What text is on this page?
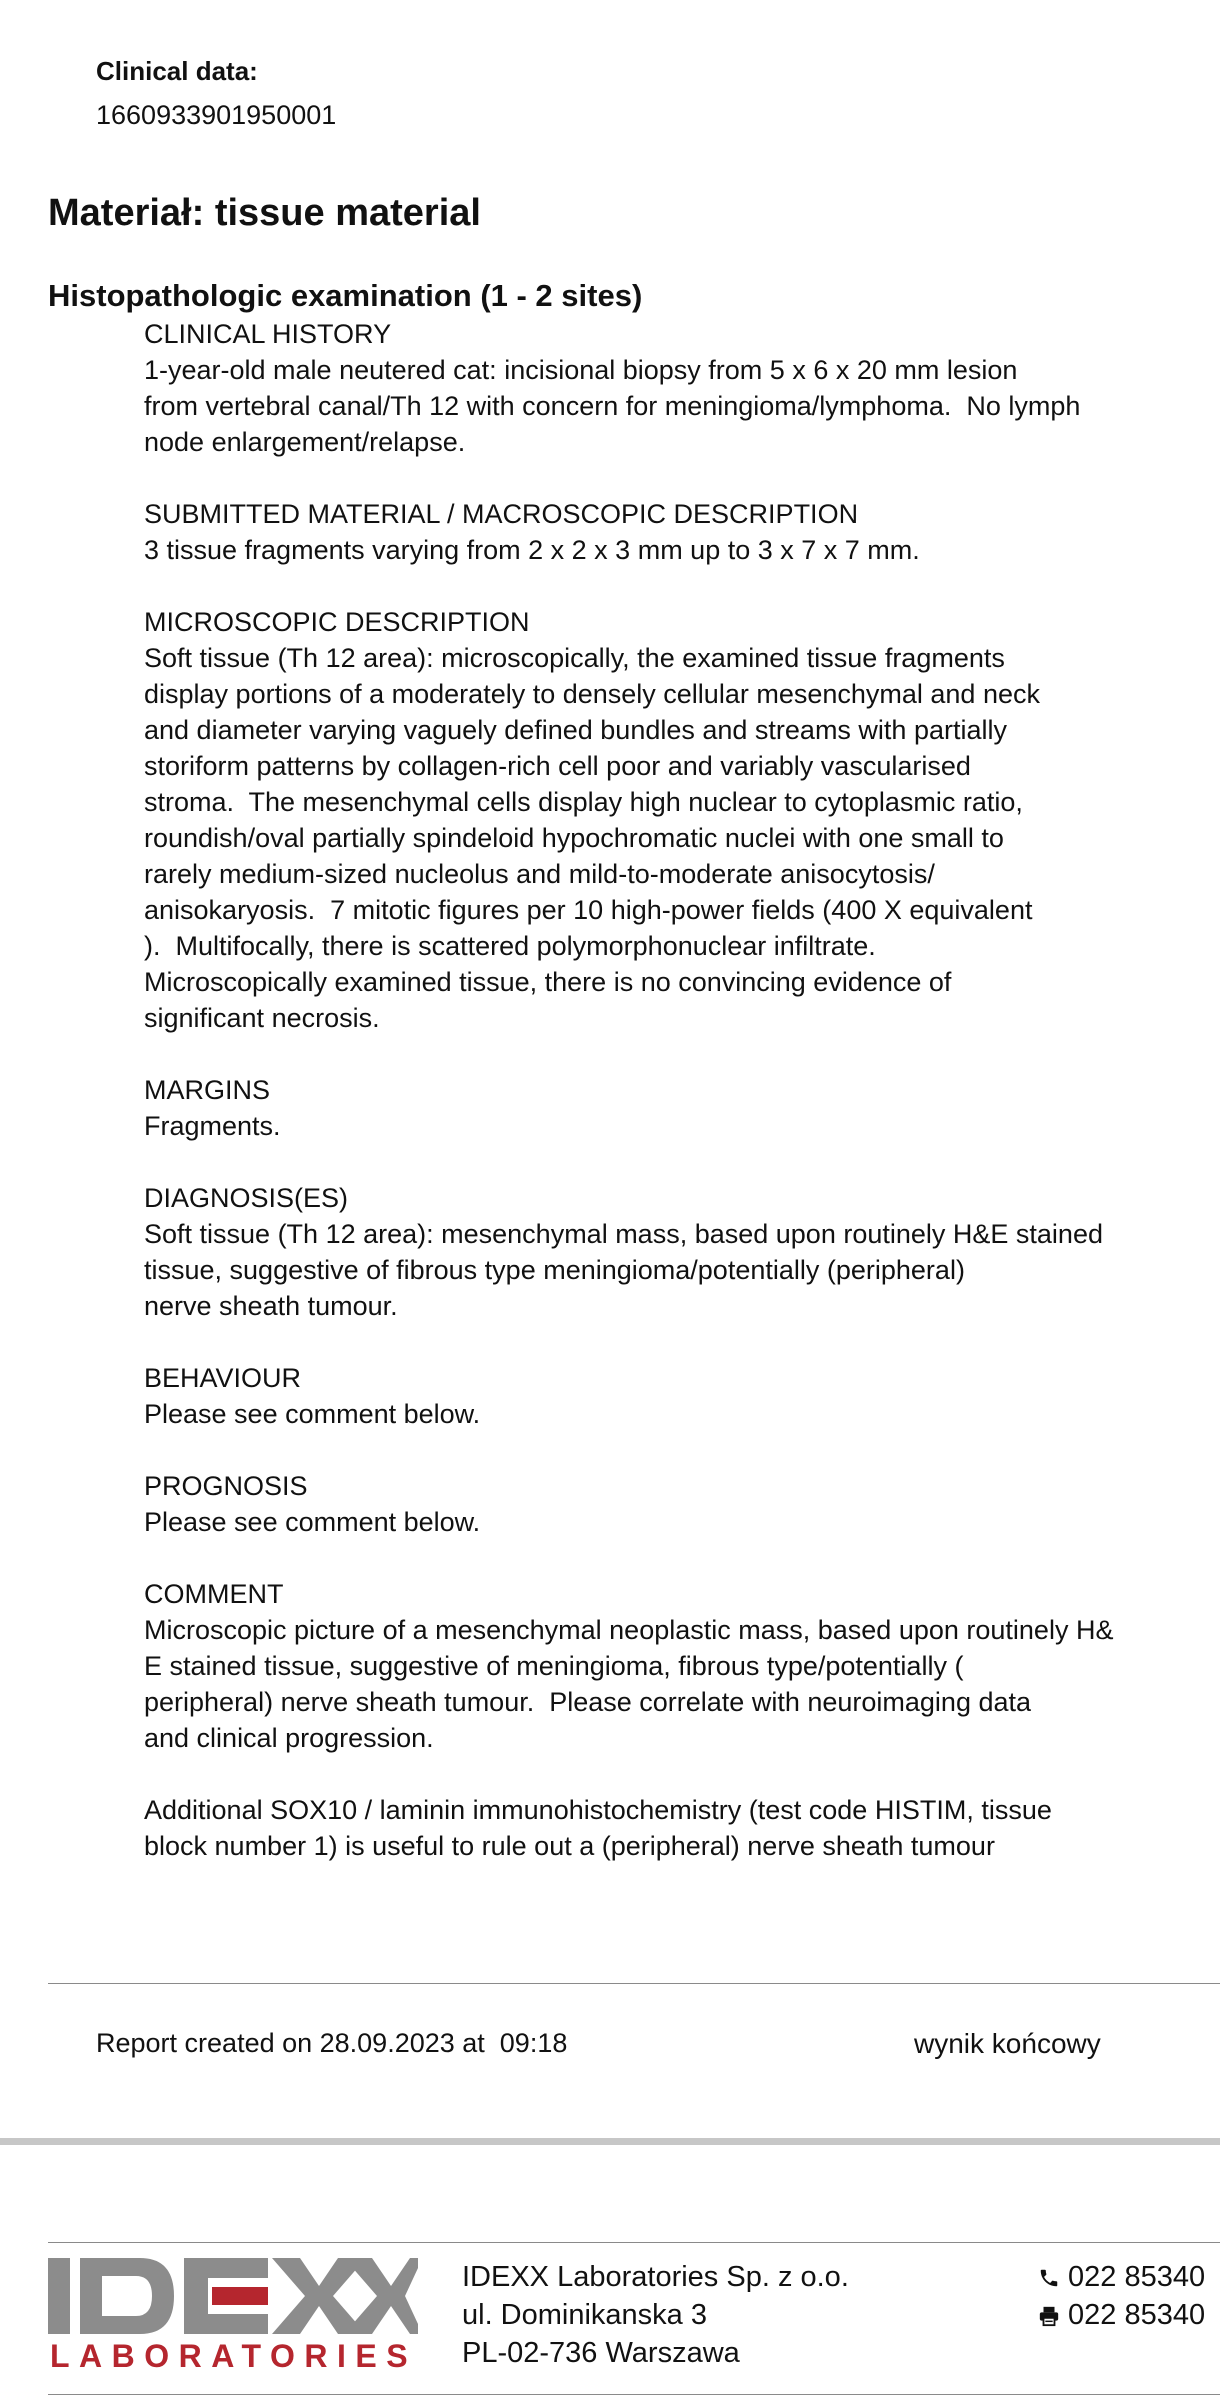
Clinical data:
1660933901950001
Materiał: tissue material
Histopathologic examination (1 - 2 sites)
CLINICAL HISTORY
1-year-old male neutered cat: incisional biopsy from 5 x 6 x 20 mm lesion
from vertebral canal/Th 12 with concern for meningioma/lymphoma.  No lymph
node enlargement/relapse.
SUBMITTED MATERIAL / MACROSCOPIC DESCRIPTION
3 tissue fragments varying from 2 x 2 x 3 mm up to 3 x 7 x 7 mm.
MICROSCOPIC DESCRIPTION
Soft tissue (Th 12 area): microscopically, the examined tissue fragments
display portions of a moderately to densely cellular mesenchymal and neck
and diameter varying vaguely defined bundles and streams with partially
storiform patterns by collagen-rich cell poor and variably vascularised
stroma.  The mesenchymal cells display high nuclear to cytoplasmic ratio,
roundish/oval partially spindeloid hypochromatic nuclei with one small to
rarely medium-sized nucleolus and mild-to-moderate anisocytosis/
anisokaryosis.  7 mitotic figures per 10 high-power fields (400 X equivalent
).  Multifocally, there is scattered polymorphonuclear infiltrate.
Microscopically examined tissue, there is no convincing evidence of
significant necrosis.
MARGINS
Fragments.
DIAGNOSIS(ES)
Soft tissue (Th 12 area): mesenchymal mass, based upon routinely H&E stained
tissue, suggestive of fibrous type meningioma/potentially (peripheral)
nerve sheath tumour.
BEHAVIOUR
Please see comment below.
PROGNOSIS
Please see comment below.
COMMENT
Microscopic picture of a mesenchymal neoplastic mass, based upon routinely H&
E stained tissue, suggestive of meningioma, fibrous type/potentially (
peripheral) nerve sheath tumour.  Please correlate with neuroimaging data
and clinical progression.
Additional SOX10 / laminin immunohistochemistry (test code HISTIM, tissue
block number 1) is useful to rule out a (peripheral) nerve sheath tumour
Report created on 28.09.2023 at  09:18	wynik końcowy
LABORATORIES
IDEXX Laboratories Sp. z o.o.
ul. Dominikanska 3
PL-02-736 Warszawa
022 85340
022 85340
